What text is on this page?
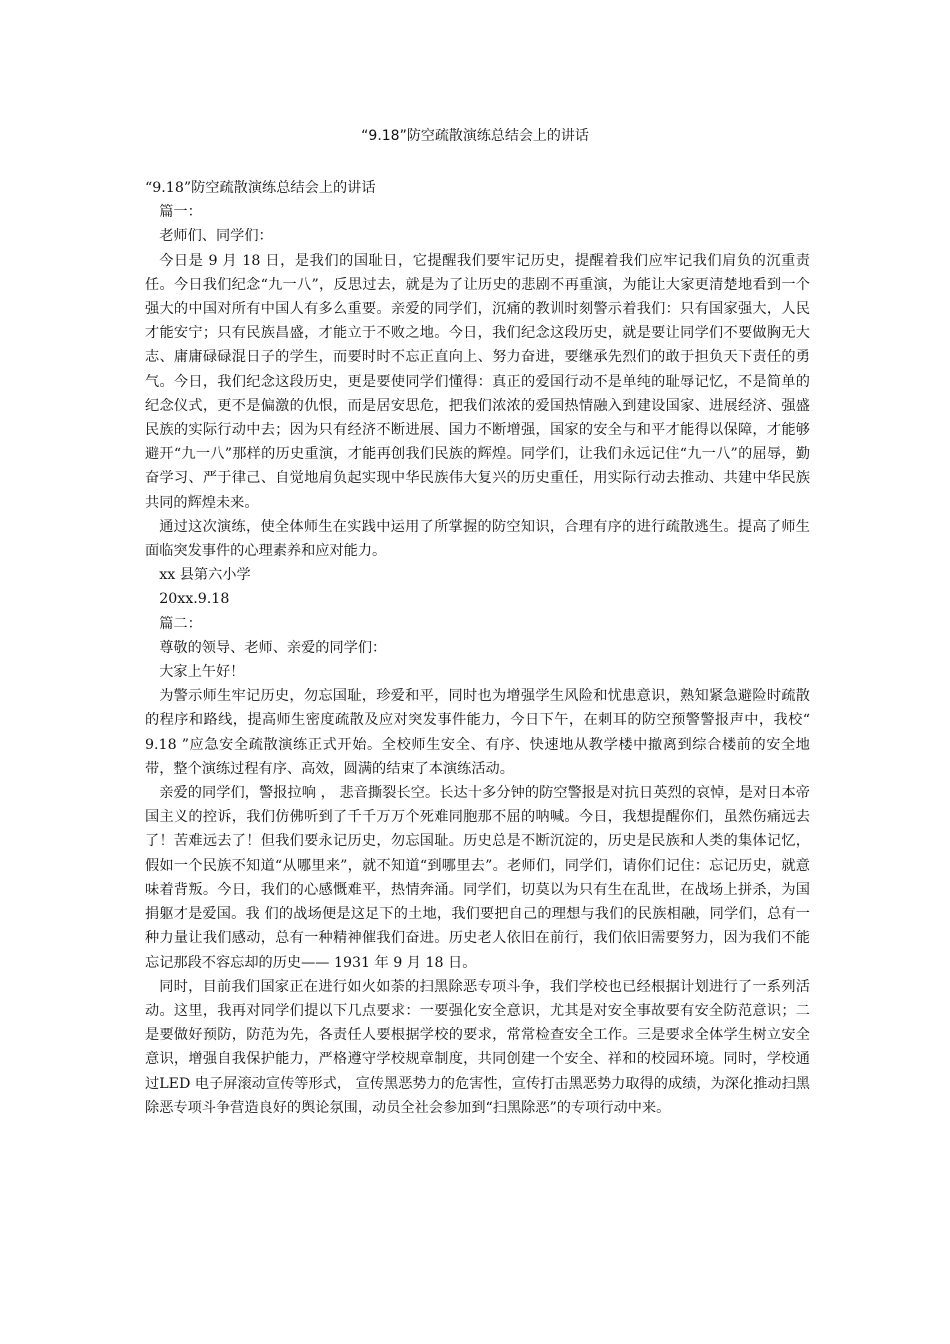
“9.18”防空疏散演练总结会上的讲话

“9.18”防空疏散演练总结会上的讲话

篇一：

老师们、同学们：

今日是 9 月 18 日，是我们的国耻日，它提醒我们要牢记历史，提醒着我们应牢记我们肩负的沉重责任。今日我们纪念“九一八”，反思过去，就是为了让历史的悲剧不再重演，为能让大家更清楚地看到一个强大的中国对所有中国人有多么重要。亲爱的同学们，沉痛的教训时刻警示着我们：只有国家强大，人民才能安宁；只有民族昌盛，才能立于不败之地。今日，我们纪念这段历史，就是要让同学们不要做胸无大志、庸庸碌碌混日子的学生，而要时时不忘正直向上、努力奋进，要继承先烈们的敢于担负天下责任的勇气。今日，我们纪念这段历史，更是要使同学们懂得：真正的爱国行动不是单纯的耻辱记忆，不是简单的纪念仪式，更不是偏激的仇恨，而是居安思危，把我们浓浓的爱国热情融入到建设国家、进展经济、强盛民族的实际行动中去；因为只有经济不断进展、国力不断增强，国家的安全与和平才能得以保障，才能够避开“九一八”那样的历史重演，才能再创我们民族的辉煌。同学们，让我们永远记住“九一八”的屈辱，勤奋学习、严于律己、自觉地肩负起实现中华民族伟大复兴的历史重任，用实际行动去推动、共建中华民族共同的辉煌未来。

通过这次演练，使全体师生在实践中运用了所掌握的防空知识，合理有序的进行疏散逃生。提高了师生面临突发事件的心理素养和应对能力。

xx 县第六小学

20xx.9.18

篇二：

尊敬的领导、老师、亲爱的同学们：

大家上午好！

为警示师生牢记历史，勿忘国耻，珍爱和平，同时也为增强学生风险和忧患意识，熟知紧急避险时疏散的程序和路线，提高师生密度疏散及应对突发事件能力，今日下午，在刺耳的防空预警警报声中，我校“ 9.18 ”应急安全疏散演练正式开始。全校师生安全、有序、快速地从教学楼中撤离到综合楼前的安全地带，整个演练过程有序、高效，圆满的结束了本演练活动。

亲爱的同学们，警报拉响 ， 悲音撕裂长空。长达十多分钟的防空警报是对抗日英烈的哀悼，是对日本帝国主义的控诉，我们仿佛听到了千千万万个死难同胞那不屈的呐喊。今日，我想提醒你们，虽然伤痛远去了！苦难远去了！但我们要永记历史，勿忘国耻。历史总是不断沉淀的，历史是民族和人类的集体记忆，假如一个民族不知道“从哪里来”，就不知道“到哪里去”。老师们，同学们，请你们记住：忘记历史，就意味着背叛。今日，我们的心感慨难平，热情奔涌。同学们，切莫以为只有生在乱世，在战场上拼杀，为国捐躯才是爱国。我 们的战场便是这足下的土地，我们要把自己的理想与我们的民族相融，同学们，总有一种力量让我们感动，总有一种精神催我们奋进。历史老人依旧在前行，我们依旧需要努力，因为我们不能忘记那段不容忘却的历史—— 1931 年 9 月 18 日。

同时，目前我们国家正在进行如火如荼的扫黑除恶专项斗争，我们学校也已经根据计划进行了一系列活动。这里，我再对同学们提以下几点要求：一要强化安全意识，尤其是对安全事故要有安全防范意识；二是要做好预防，防范为先，各责任人要根据学校的要求，常常检查安全工作。三是要求全体学生树立安全意识，增强自我保护能力，严格遵守学校规章制度，共同创建一个安全、祥和的校园环境。同时，学校通过LED 电子屏滚动宣传等形式， 宣传黑恶势力的危害性，宣传打击黑恶势力取得的成绩，为深化推动扫黑除恶专项斗争营造良好的舆论氛围，动员全社会参加到“扫黑除恶”的专项行动中来。
